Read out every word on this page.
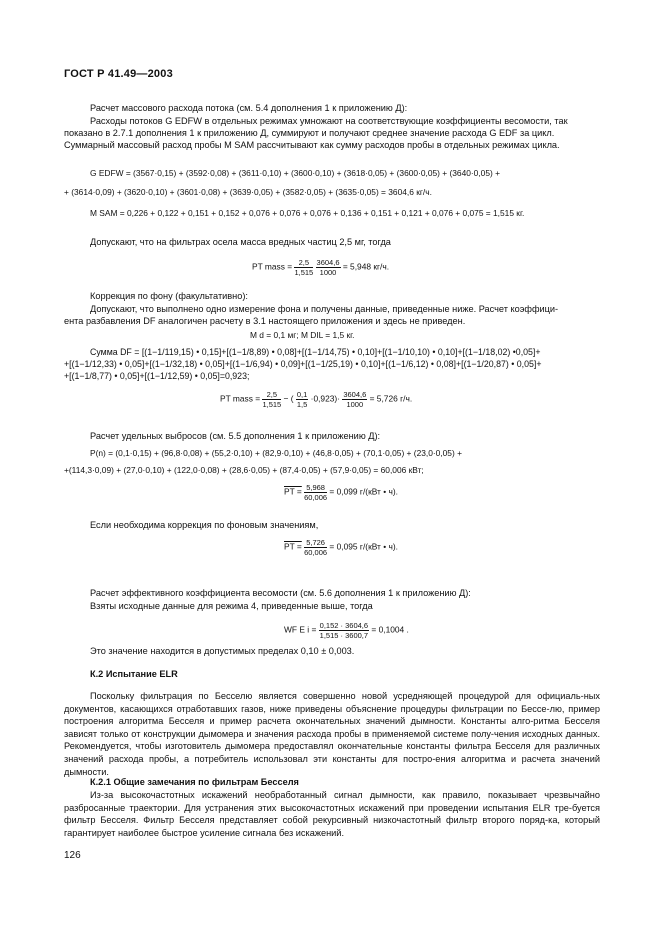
ГОСТ Р 41.49—2003
Расчет массового расхода потока (см. 5.4 дополнения 1 к приложению Д):
Расходы потоков G EDFW в отдельных режимах умножают на соответствующие коэффициенты весомости, так
показано в 2.7.1 дополнения 1 к приложению Д, суммируют и получают среднее значение расхода G EDF за цикл.
Суммарный массовый расход пробы M SAM рассчитывают как сумму расходов пробы в отдельных режимах цикла.
G EDFW = (3567·0,15) + (3592·0,08) + (3611·0,10) + (3600·0,10) + (3618·0,05) + (3600·0,05) + (3640·0,05) +
+ (3614·0,09) + (3620·0,10) + (3601·0,08) + (3639·0,05) + (3582·0,05) + (3635·0,05) = 3604,6 кг/ч.
M SAM = 0,226 + 0,122 + 0,151 + 0,152 + 0,076 + 0,076 + 0,076 + 0,136 + 0,151 + 0,121 + 0,076 + 0,075 = 1,515 кг.
Допускают, что на фильтрах осела масса вредных частиц 2,5 мг, тогда
PT mass = $\frac{2,5}{1,515}$
$\frac{3604,6}{1000} = 5,948$ кг/ч.
Коррекция по фону (факультативно):
Допускают, что выполнено одно измерение фона и получены данные, приведенные ниже. Расчет коэффици-
ента разбавления DF аналогичен расчету в 3.1 настоящего приложения и здесь не приведен.
M d = 0,1 мг; M DIL = 1,5 кг.
Сумма DF = [(1−1/119,15) • 0,15]+[(1−1/8,89) • 0,08]+[(1−1/14,75) • 0,10]+[(1−1/10,10) • 0,10]+[(1−1/18,02) •0,05]+
+[(1−1/12,33) • 0,05]+[(1−1/32,18) • 0,05]+[(1−1/6,94) • 0,09]+[(1−1/25,19) • 0,10]+[(1−1/6,12) • 0,08]+[(1−1/20,87) • 0,05]+
+[(1−1/8,77) • 0,05]+[(1−1/12,59) • 0,05]=0,923;
PT mass = $\frac{2,5}{1,515}$ − ( $\frac{0,1}{1,5} \cdot 0,923)\cdot \frac{3604,6}{1000} = 5,726$ г/ч.
Расчет удельных выбросов (см. 5.5 дополнения 1 к приложению Д):
P(n) = (0,1·0,15) + (96,8·0,08) + (55,2·0,10) + (82,9·0,10) + (46,8·0,05) + (70,1·0,05) + (23,0·0,05) +
+(114,3·0,09) + (27,0·0,10) + (122,0·0,08) + (28,6·0,05) + (87,4·0,05) + (57,9·0,05) = 60,006 кВт;
PT = $\frac{5,968}{60,006} = 0,099$ г/(кВт • ч).
Если необходима коррекция по фоновым значениям,
PT = $\frac{5,726}{60,006} = 0,095$ г/(кВт • ч).
Расчет эффективного коэффициента весомости (см. 5.6 дополнения 1 к приложению Д):
Взяты исходные данные для режима 4, приведенные выше, тогда
WF E $i = \frac{0,152 \cdot 3604,6}{1,515 \cdot 3600,7} = 0,1004$ .
Это значение находится в допустимых пределах 0,10 ± 0,003.
К.2 Испытание ELR
Поскольку фильтрация по Бесселю является совершенно новой усредняющей процедурой для официаль-ных документов, касающихся отработавших газов, ниже приведены объяснение процедуры фильтрации по Бессе-лю, пример построения алгоритма Бесселя и пример расчета окончательных значений дымности. Константы алго-ритма Бесселя зависят только от конструкции дымомера и значения расхода пробы в применяемой системе полу-чения исходных данных. Рекомендуется, чтобы изготовитель дымомера предоставлял окончательные константы фильтра Бесселя для различных значений расхода пробы, а потребитель использовал эти константы для постро-ения алгоритма и расчета значений дымности.
К.2.1 Общие замечания по фильтрам Бесселя
Из-за высокочастотных искажений необработанный сигнал дымности, как правило, показывает чрезвычайно разбросанные траектории. Для устранения этих высокочастотных искажений при проведении испытания ELR тре-буется фильтр Бесселя. Фильтр Бесселя представляет собой рекурсивный низкочастотный фильтр второго поряд-ка, который гарантирует наиболее быстрое усиление сигнала без искажений.
126
